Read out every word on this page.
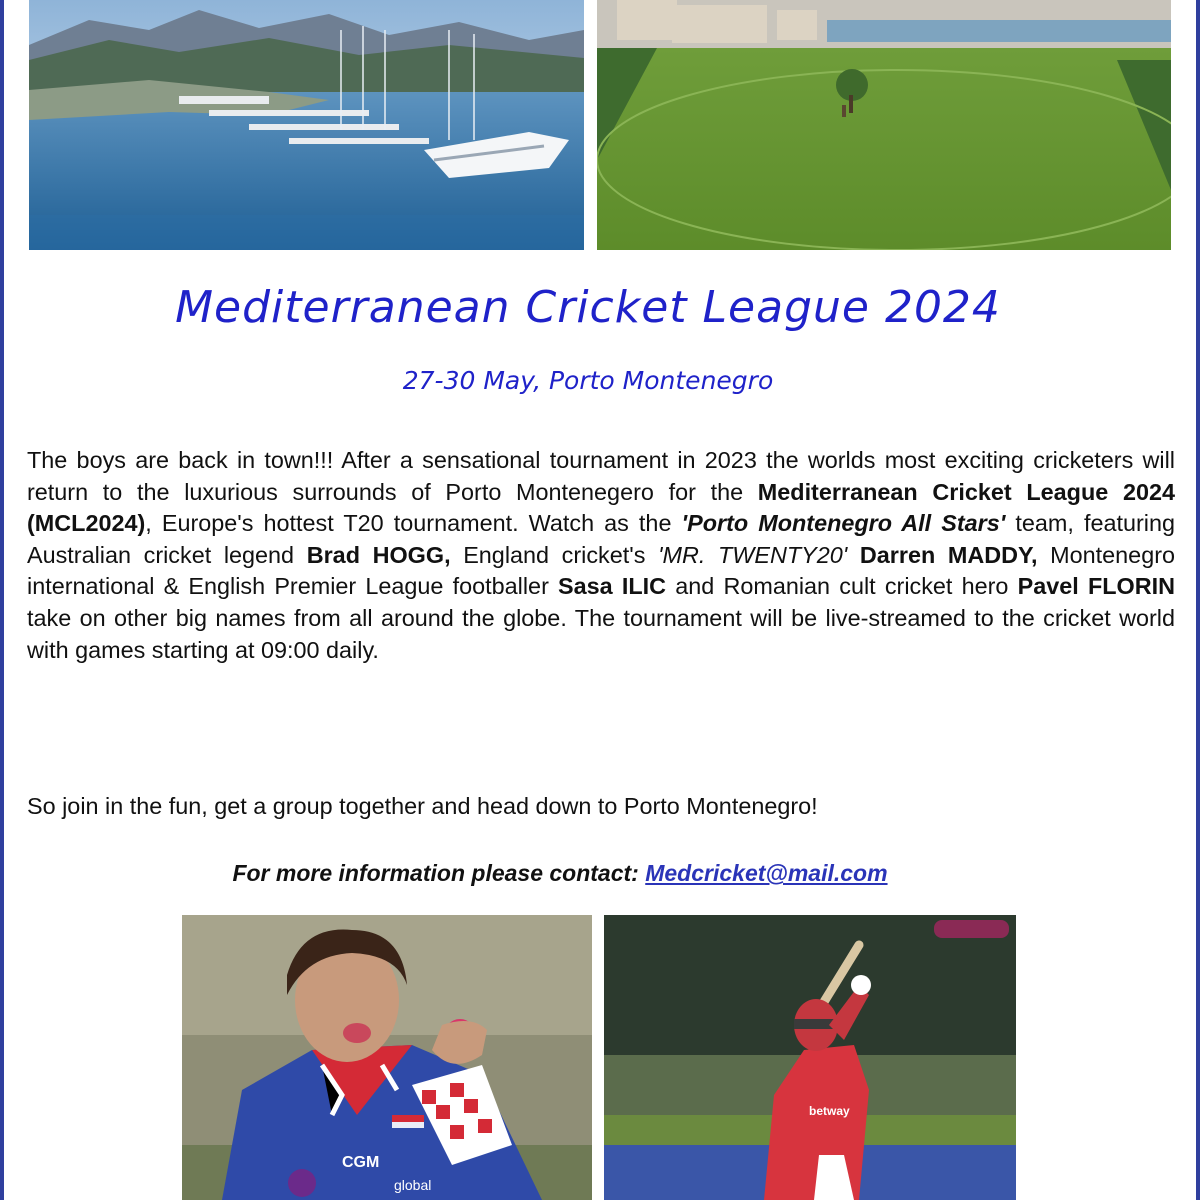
Mediterranean Cricket League 2024
27-30 May, Porto Montenegro

The boys are back in town!!! After a sensational tournament in 2023 the worlds most exciting cricketers will return to the luxurious surrounds of Porto Montenegero for the Mediterranean Cricket League 2024 (MCL2024), Europe's hottest T20 tournament. Watch as the 'Porto Montenegro All Stars' team, featuring Australian cricket legend Brad HOGG, England cricket's 'MR. TWENTY20' Darren MADDY, Montenegro international & English Premier League footballer Sasa ILIC and Romanian cult cricket hero Pavel FLORIN take on other big names from all around the globe. The tournament will be live-streamed to the cricket world with games starting at 09:00 daily.

So join in the fun, get a group together and head down to Porto Montenegro!

For more information please contact: Medcricket@mail.com

CGM
global
betway
